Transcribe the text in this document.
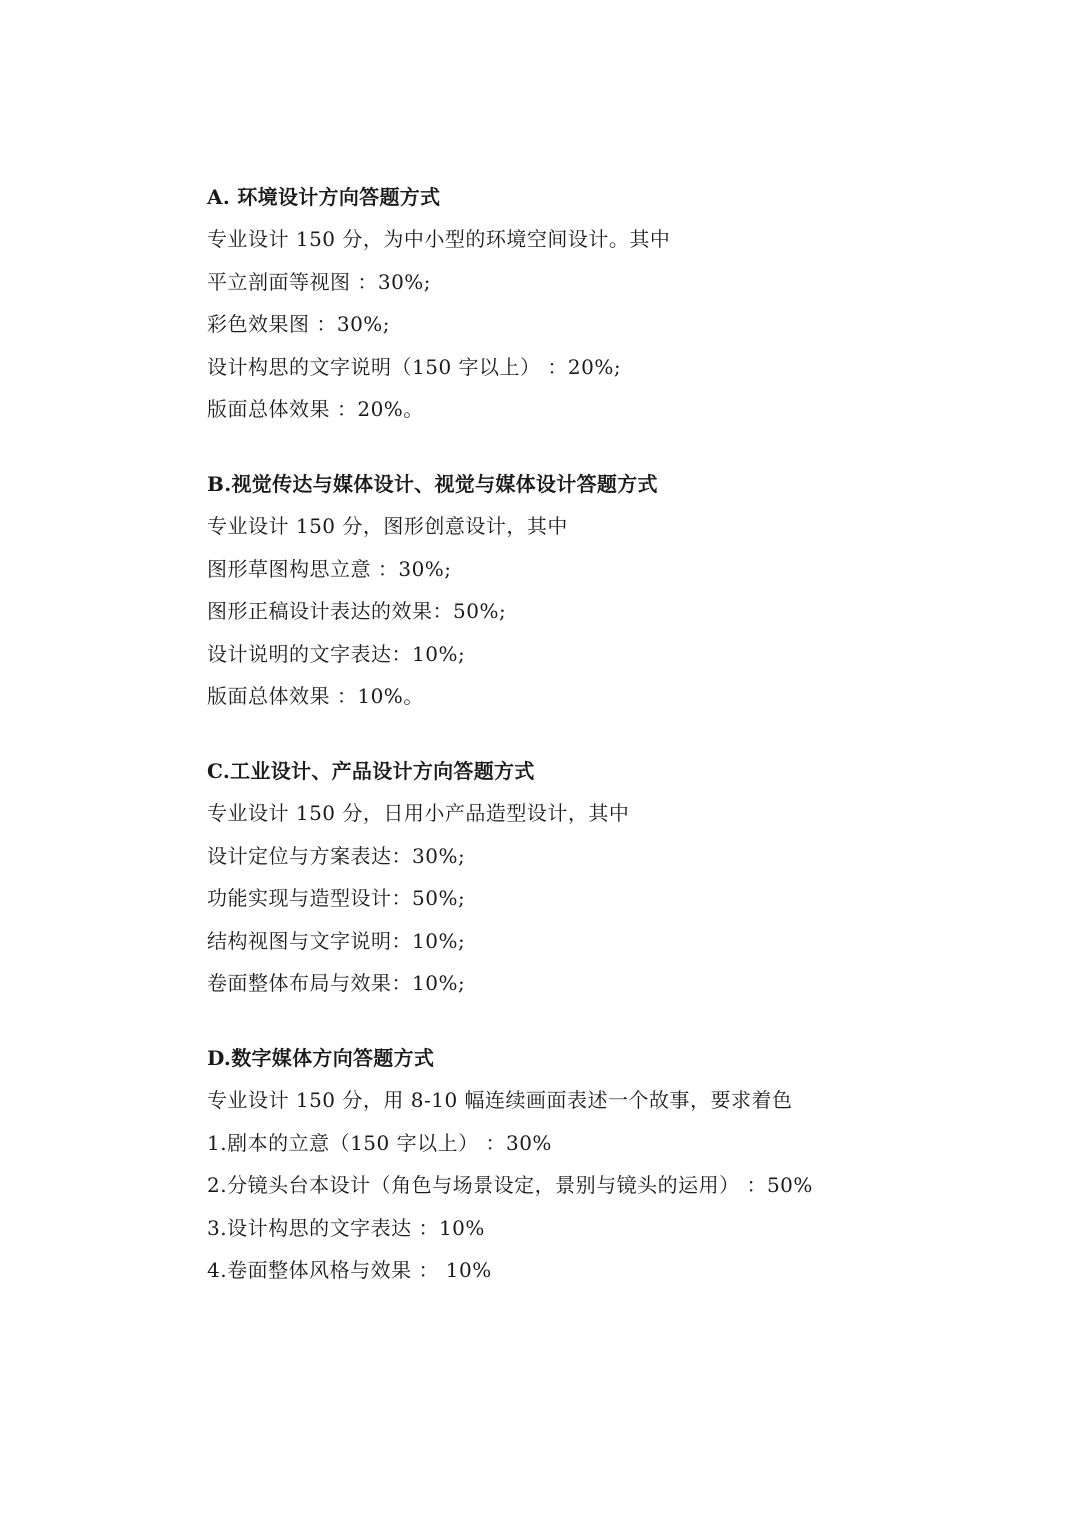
A. 环境设计方向答题方式
专业设计 150 分，为中小型的环境空间设计。其中
平立剖面等视图 ：30%;
彩色效果图 ：30%;
设计构思的文字说明（150 字以上） ：20%;
版面总体效果 ：20%。
B.视觉传达与媒体设计、视觉与媒体设计答题方式
专业设计 150 分，图形创意设计，其中
图形草图构思立意 ：30%;
图形正稿设计表达的效果：50%;
设计说明的文字表达：10%;
版面总体效果 ：10%。
C.工业设计、产品设计方向答题方式
专业设计 150 分，日用小产品造型设计，其中
设计定位与方案表达：30%;
功能实现与造型设计：50%;
结构视图与文字说明：10%;
卷面整体布局与效果：10%;
D.数字媒体方向答题方式
专业设计 150 分，用 8-10 幅连续画面表述一个故事，要求着色
1.剧本的立意（150 字以上） ：30%
2.分镜头台本设计（角色与场景设定，景别与镜头的运用） ：50%
3.设计构思的文字表达 ：10%
4.卷面整体风格与效果 ： 10%
